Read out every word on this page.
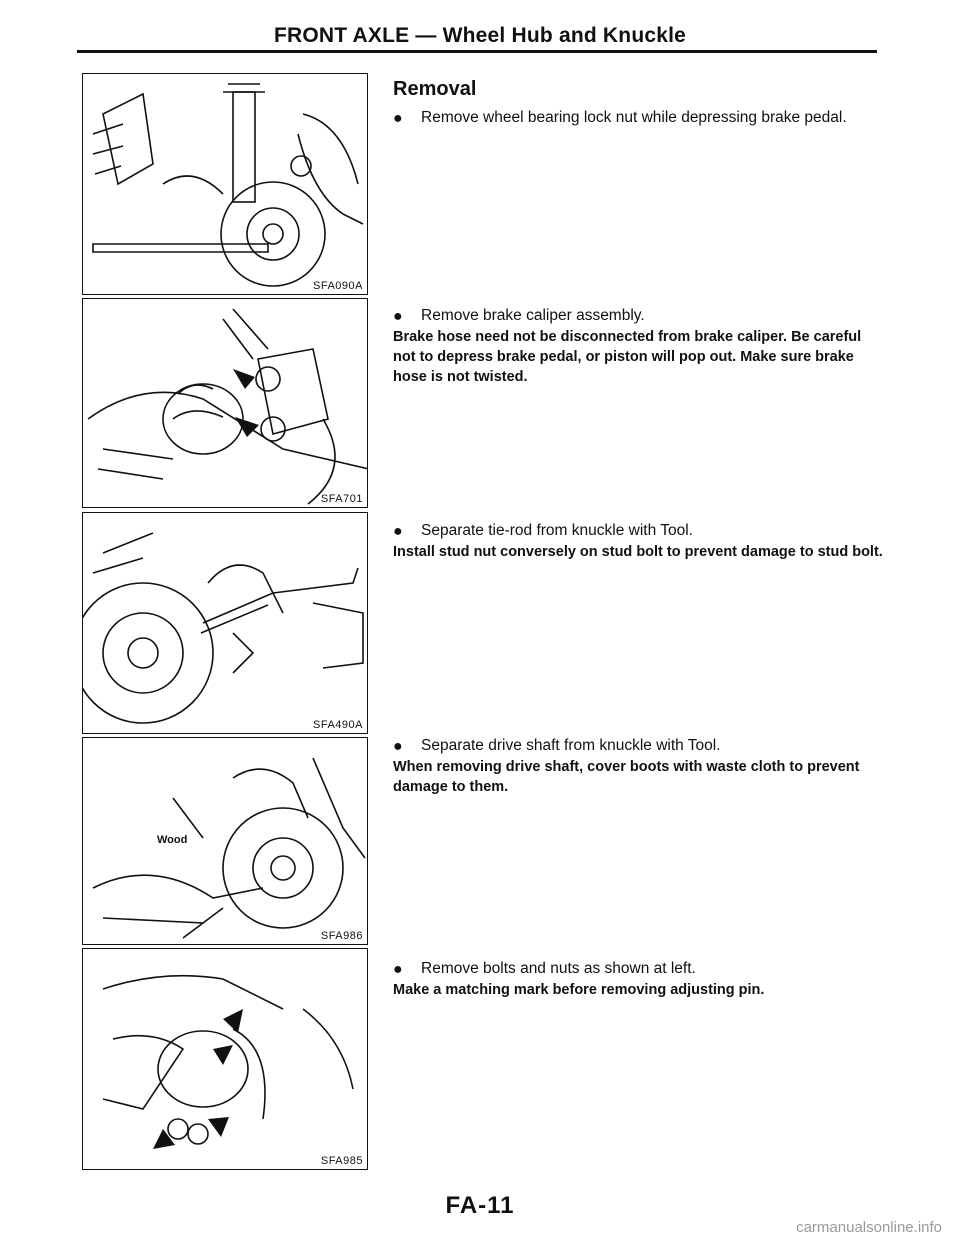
FRONT AXLE — Wheel Hub and Knuckle
SFA090A
SFA701
SFA490A
Wood
SFA986
SFA985
Removal

● Remove wheel bearing lock nut while depressing brake pedal.

● Remove brake caliper assembly.

Brake hose need not be disconnected from brake caliper. Be careful not to depress brake pedal, or piston will pop out. Make sure brake hose is not twisted.

● Separate tie-rod from knuckle with Tool.

Install stud nut conversely on stud bolt to prevent damage to stud bolt.

● Separate drive shaft from knuckle with Tool.

When removing drive shaft, cover boots with waste cloth to prevent damage to them.

● Remove bolts and nuts as shown at left.

Make a matching mark before removing adjusting pin.

FA-11
carmanualsonline.info
